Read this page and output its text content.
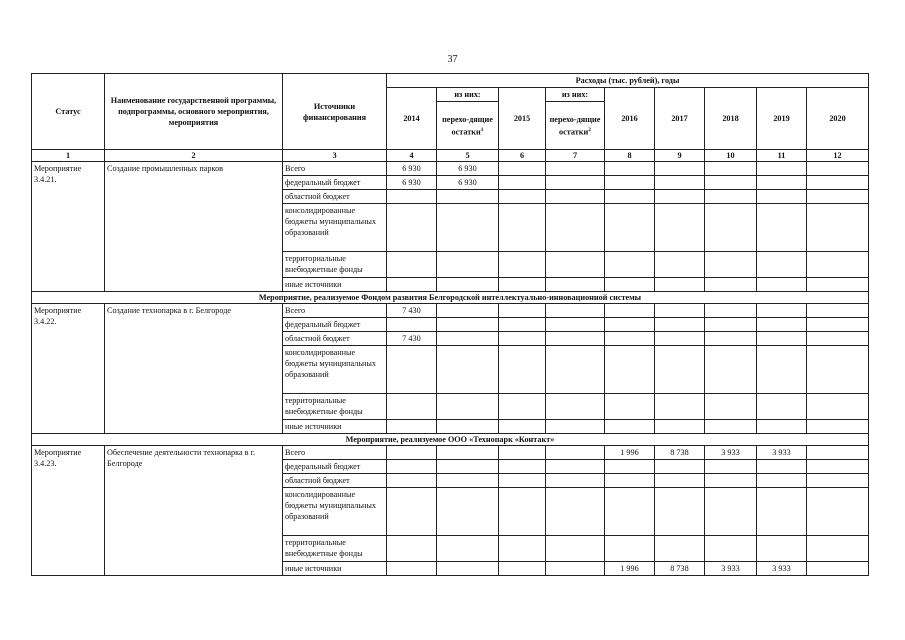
37
Статус	Наименование государственной программы, подпрограммы, основного мероприятия, мероприятия	Источники финансирования	Расходы (тыс. рублей), годы								
			2014	из них:	2015	из них:	2016	2017	2018	2019	2020
				перехо-дящие остатки$^1$		перехо-дящие остатки$^2$
1	2	3	4	5	6	7	8	9	10	11	12
Мероприятие 3.4.21.	Создание промышленных парков	Всего	6 930	6 930							
		федеральный бюджет	6 930	6 930							
		областной бюджет									
		консолидированные бюджеты муниципальных образований									
		территориальные внебюджетные фонды									
		иные источники									
Мероприятие, реализуемое Фондом развития Белгородской интеллектуально-инновационной системы											
Мероприятие 3.4.22.	Создание технопарка в г. Белгороде	Всего	7 430								
		федеральный бюджет									
		областной бюджет	7 430								
		консолидированные бюджеты муниципальных образований									
		территориальные внебюджетные фонды									
		иные источники									
Мероприятие, реализуемое ООО «Технопарк «Контакт»											
Мероприятие 3.4.23.	Обеспечение деятельности технопарка в г. Белгороде	Всего					1 996	8 738	3 933	3 933	
		федеральный бюджет									
		областной бюджет									
		консолидированные бюджеты муниципальных образований									
		территориальные внебюджетные фонды									
		иные источники					1 996	8 738	3 933	3 933	
